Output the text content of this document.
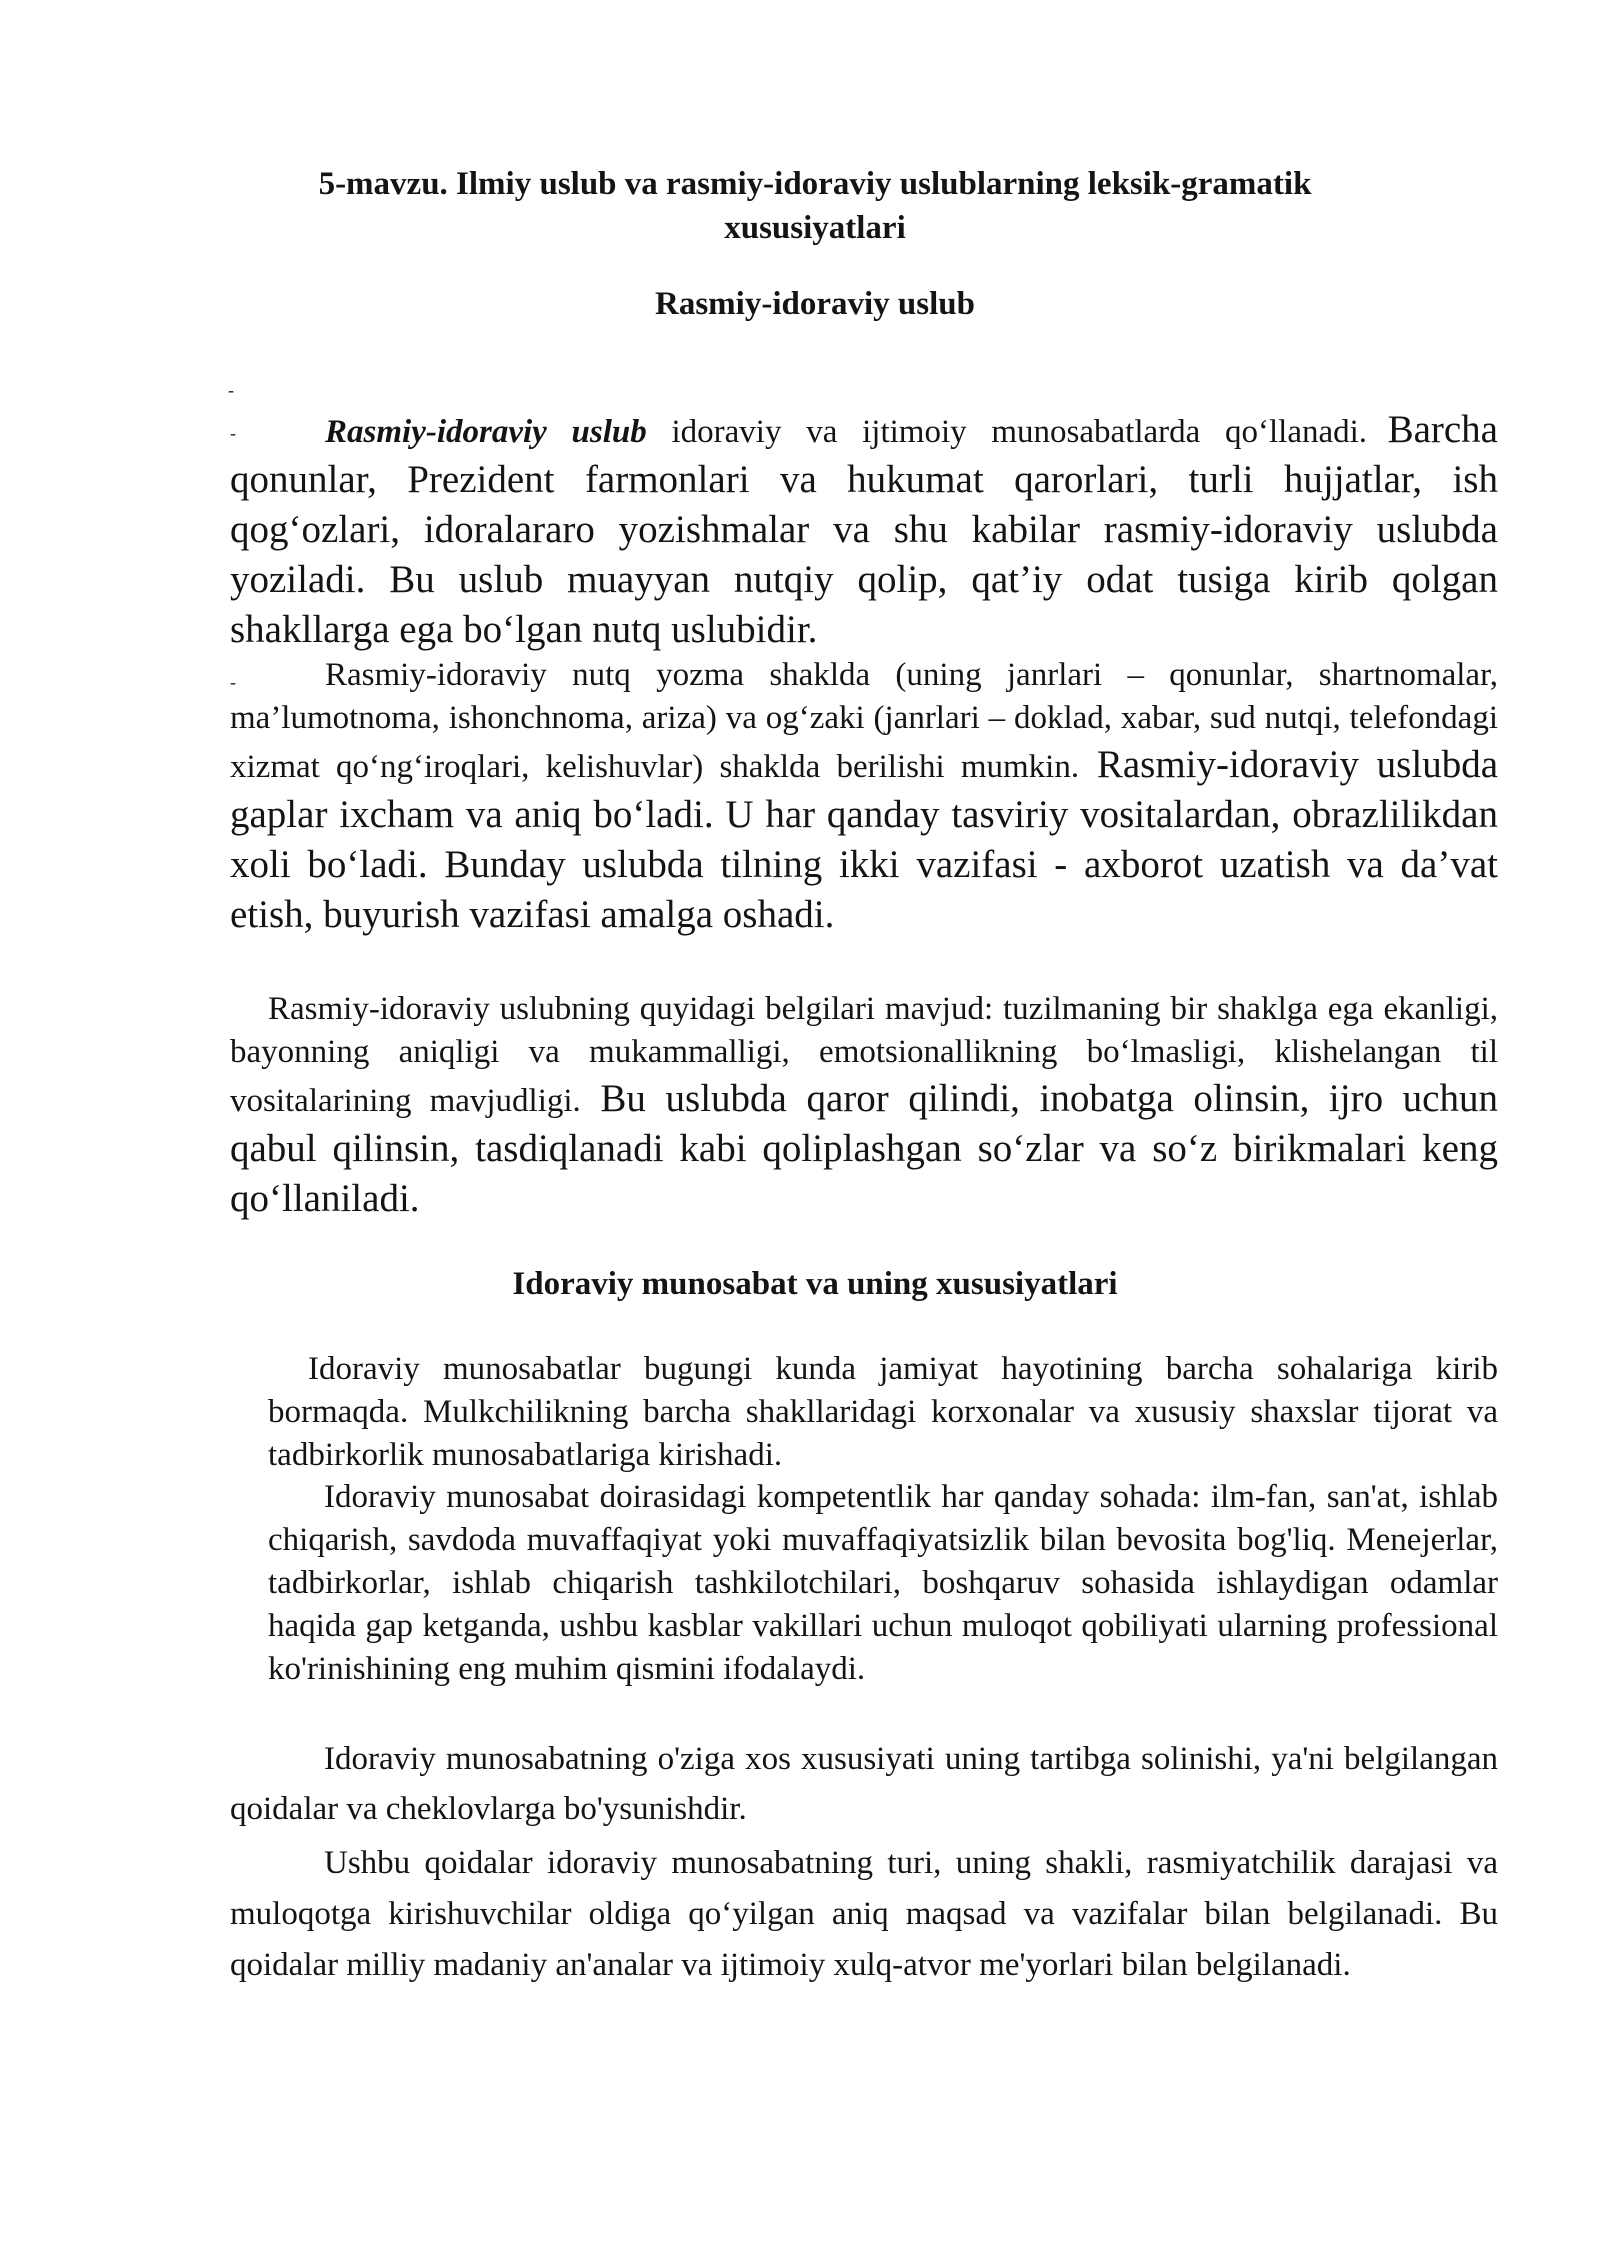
5-mavzu. Ilmiy uslub va rasmiy-idoraviy uslublarning leksik-gramatik
xususiyatlari
Rasmiy-idoraviy uslub
-
-	Rasmiy-idoraviy uslub idoraviy va ijtimoiy munosabatlarda qo‘llanadi. Barcha qonunlar, Prezident farmonlari va hukumat qarorlari, turli hujjatlar, ish qog‘ozlari, idoralararo yozishmalar va shu kabilar rasmiy-idoraviy uslubda yoziladi. Bu uslub muayyan nutqiy qolip, qat’iy odat tusiga kirib qolgan shakllarga ega bo‘lgan nutq uslubidir.
-	Rasmiy-idoraviy nutq yozma shaklda (uning janrlari – qonunlar, shartnomalar, ma’lumotnoma, ishonchnoma, ariza) va og‘zaki (janrlari – doklad, xabar, sud nutqi, telefondagi xizmat qo‘ng‘iroqlari, kelishuvlar) shaklda berilishi mumkin. Rasmiy-idoraviy uslubda gaplar ixcham va aniq bo‘ladi. U har qanday tasviriy vositalardan, obrazlilikdan xoli bo‘ladi. Bunday uslubda tilning ikki vazifasi - axborot uzatish va da’vat etish, buyurish vazifasi amalga oshadi.
Rasmiy-idoraviy uslubning quyidagi belgilari mavjud: tuzilmaning bir shaklga ega ekanligi, bayonning aniqligi va mukammalligi, emotsionallikning bo‘lmasligi, klishelangan til vositalarining mavjudligi. Bu uslubda qaror qilindi, inobatga olinsin, ijro uchun qabul qilinsin, tasdiqlanadi kabi qoliplashgan so‘zlar va so‘z birikmalari keng qo‘llaniladi.
Idoraviy munosabat va uning xususiyatlari
Idoraviy munosabatlar bugungi kunda jamiyat hayotining barcha sohalariga kirib bormaqda. Mulkchilikning barcha shakllaridagi korxonalar va xususiy shaxslar tijorat va tadbirkorlik munosabatlariga kirishadi.
Idoraviy munosabat doirasidagi kompetentlik har qanday sohada: ilm-fan, san'at, ishlab chiqarish, savdoda muvaffaqiyat yoki muvaffaqiyatsizlik bilan bevosita bog'liq. Menejerlar, tadbirkorlar, ishlab chiqarish tashkilotchilari, boshqaruv sohasida ishlaydigan odamlar haqida gap ketganda, ushbu kasblar vakillari uchun muloqot qobiliyati ularning professional ko'rinishining eng muhim qismini ifodalaydi.
Idoraviy munosabatning o'ziga xos xususiyati uning tartibga solinishi, ya'ni belgilangan qoidalar va cheklovlarga bo'ysunishdir.
Ushbu qoidalar idoraviy munosabatning turi, uning shakli, rasmiyatchilik darajasi va muloqotga kirishuvchilar oldiga qo‘yilgan aniq maqsad va vazifalar bilan belgilanadi. Bu qoidalar milliy madaniy an'analar va ijtimoiy xulq-atvor me'yorlari bilan belgilanadi.
